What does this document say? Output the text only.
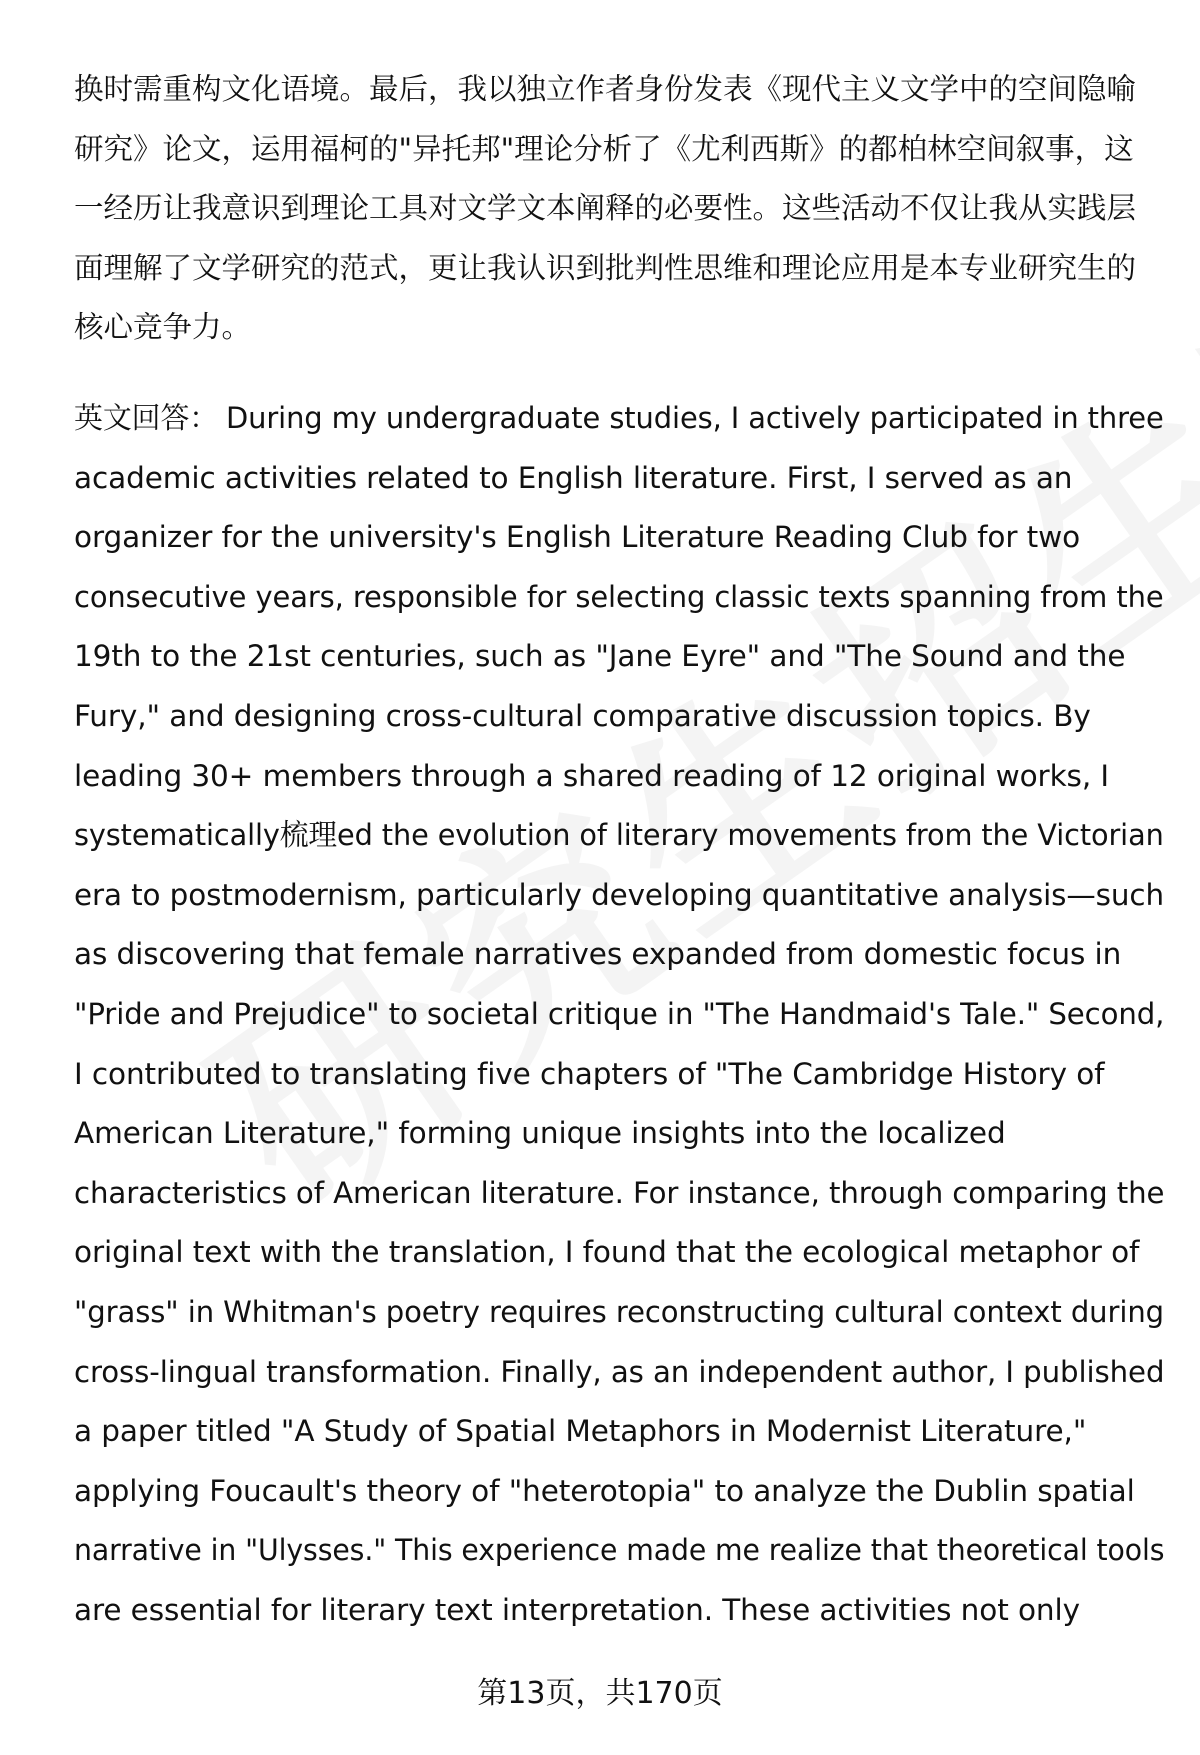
换时需重构文化语境。最后，我以独立作者身份发表《现代主义文学中的空间隐喻
研究》论文，运用福柯的"异托邦"理论分析了《尤利西斯》的都柏林空间叙事，这
一经历让我意识到理论工具对文学文本阐释的必要性。这些活动不仅让我从实践层
面理解了文学研究的范式，更让我认识到批判性思维和理论应用是本专业研究生的
核心竞争力。
英文回答： During my undergraduate studies, I actively participated in three
academic activities related to English literature. First, I served as an
organizer for the university's English Literature Reading Club for two
consecutive years, responsible for selecting classic texts spanning from the
19th to the 21st centuries, such as "Jane Eyre" and "The Sound and the
Fury," and designing cross-cultural comparative discussion topics. By
leading 30+ members through a shared reading of 12 original works, I
systematically梳理ed the evolution of literary movements from the Victorian
era to postmodernism, particularly developing quantitative analysis—such
as discovering that female narratives expanded from domestic focus in
"Pride and Prejudice" to societal critique in "The Handmaid's Tale." Second,
I contributed to translating five chapters of "The Cambridge History of
American Literature," forming unique insights into the localized
characteristics of American literature. For instance, through comparing the
original text with the translation, I found that the ecological metaphor of
"grass" in Whitman's poetry requires reconstructing cultural context during
cross-lingual transformation. Finally, as an independent author, I published
a paper titled "A Study of Spatial Metaphors in Modernist Literature,"
applying Foucault's theory of "heterotopia" to analyze the Dublin spatial
narrative in "Ulysses." This experience made me realize that theoretical tools
are essential for literary text interpretation. These activities not only
第13页，共170页
